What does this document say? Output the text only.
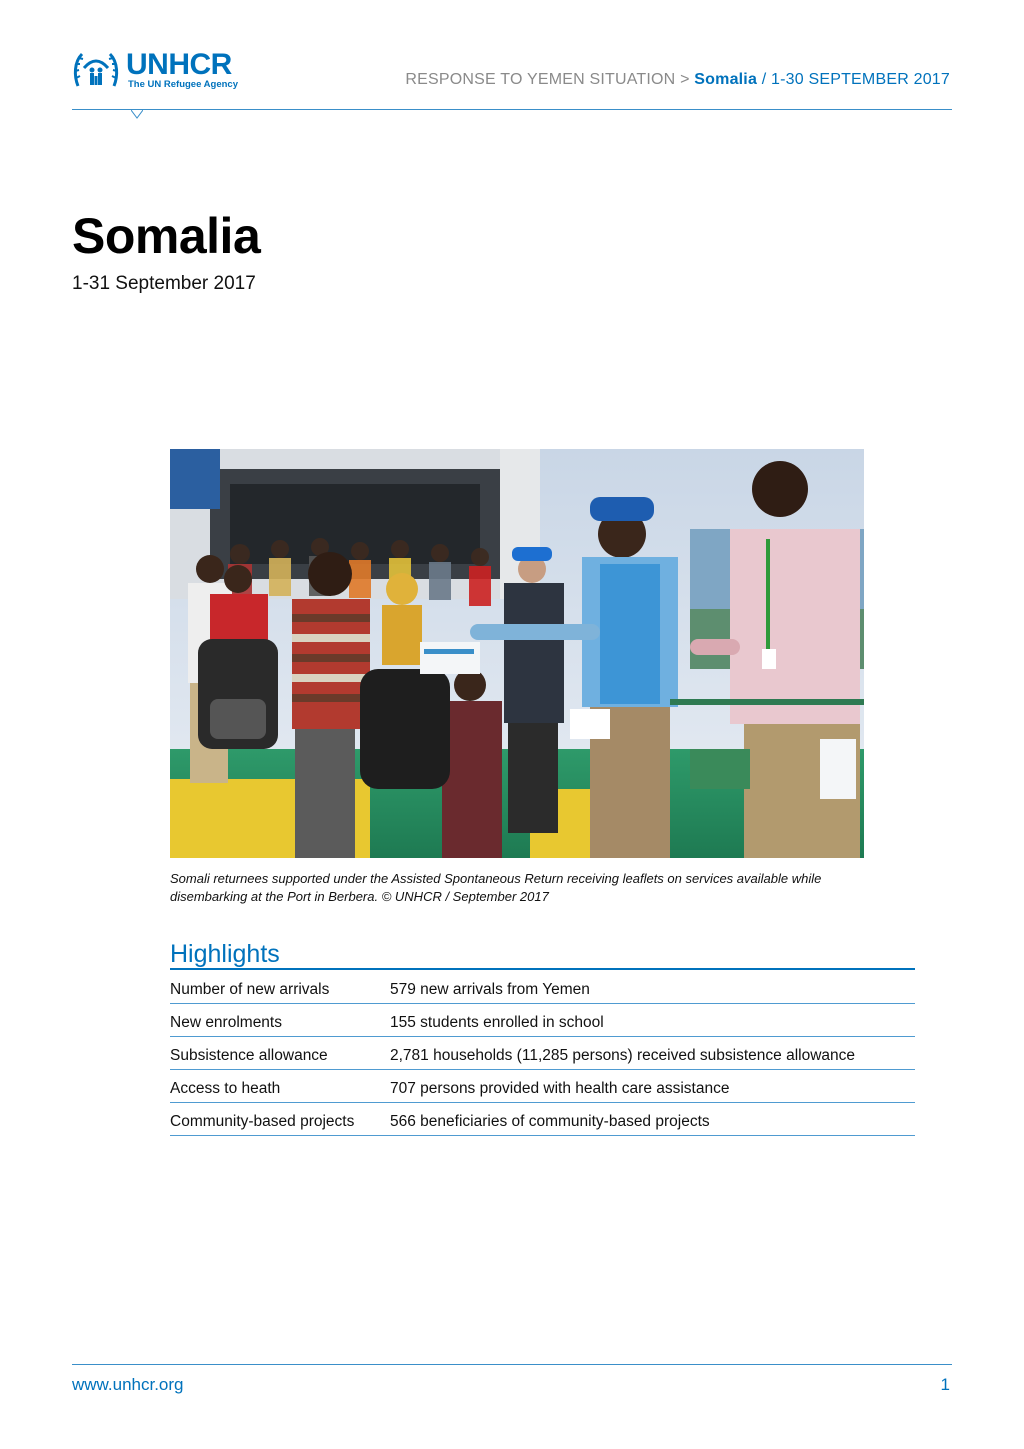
UNHCR
The UN Refugee Agency	RESPONSE TO YEMEN SITUATION > Somalia / 1-30 SEPTEMBER 2017
Somalia
1-31 September 2017
Somali returnees supported under the Assisted Spontaneous Return receiving leaflets on services available while disembarking at the Port in Berbera. © UNHCR / September 2017
Highlights
Number of new arrivals	579 new arrivals from Yemen
New enrolments	155 students enrolled in school
Subsistence allowance	2,781 households (11,285 persons) received subsistence allowance
Access to heath	707 persons provided with health care assistance
Community-based projects 566 beneficiaries of community-based projects
www.unhcr.org	1
